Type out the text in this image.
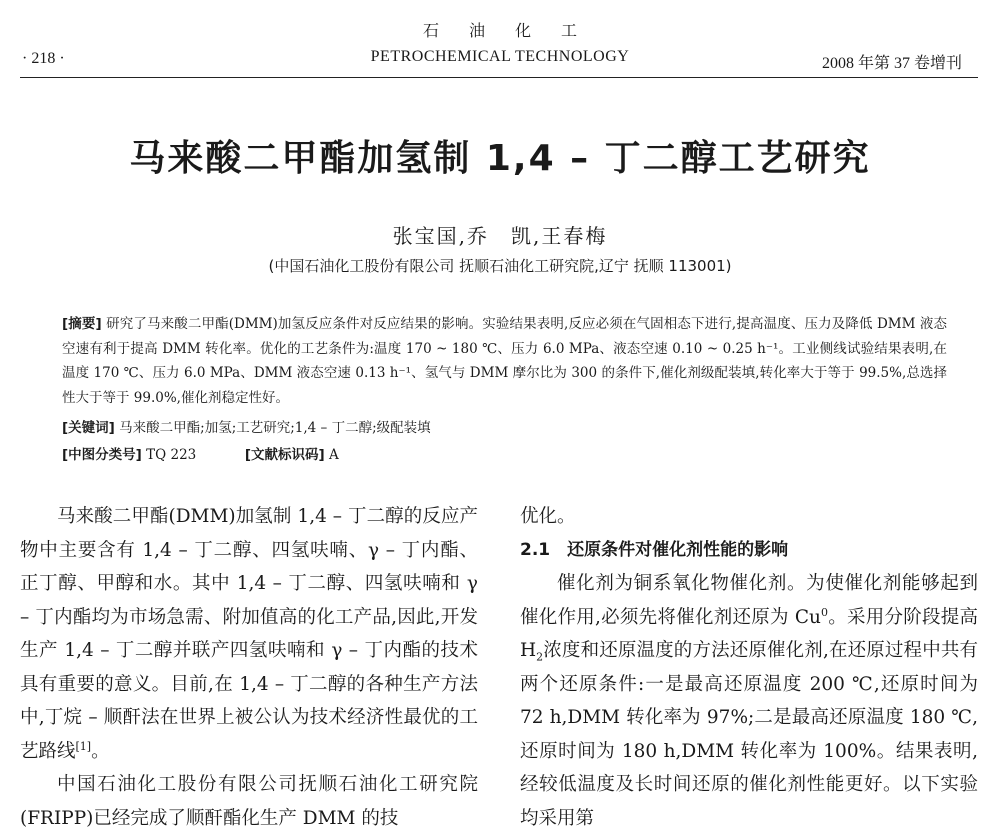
石油化工
PETROCHEMICAL TECHNOLOGY
· 218 ·	2008 年第 37 卷增刊
马来酸二甲酯加氢制 1,4 – 丁二醇工艺研究
张宝国,乔　凯,王春梅
(中国石油化工股份有限公司 抚顺石油化工研究院,辽宁 抚顺 113001)
[摘要] 研究了马来酸二甲酯(DMM)加氢反应条件对反应结果的影响。实验结果表明,反应必须在气固相态下进行,提高温度、压力及降低 DMM 液态空速有利于提高 DMM 转化率。优化的工艺条件为:温度 170 ~ 180 ℃、压力 6.0 MPa、液态空速 0.10 ~ 0.25 h⁻¹。工业侧线试验结果表明,在温度 170 ℃、压力 6.0 MPa、DMM 液态空速 0.13 h⁻¹、氢气与 DMM 摩尔比为 300 的条件下,催化剂级配装填,转化率大于等于 99.5%,总选择性大于等于 99.0%,催化剂稳定性好。
[关键词] 马来酸二甲酯;加氢;工艺研究;1,4 – 丁二醇;级配装填
[中图分类号] TQ 223	[文献标识码] A

马来酸二甲酯(DMM)加氢制 1,4 – 丁二醇的反应产物中主要含有 1,4 – 丁二醇、四氢呋喃、γ – 丁内酯、正丁醇、甲醇和水。其中 1,4 – 丁二醇、四氢呋喃和 γ – 丁内酯均为市场急需、附加值高的化工产品,因此,开发生产 1,4 – 丁二醇并联产四氢呋喃和 γ – 丁内酯的技术具有重要的意义。目前,在 1,4 – 丁二醇的各种生产方法中,丁烷 – 顺酐法在世界上被公认为技术经济性最优的工艺路线[1]。

中国石油化工股份有限公司抚顺石油化工研究院(FRIPP)已经完成了顺酐酯化生产 DMM 的技

优化。

2.1　还原条件对催化剂性能的影响

催化剂为铜系氧化物催化剂。为使催化剂能够起到催化作用,必须先将催化剂还原为 Cu$^0$。采用分阶段提高 $H_2$浓度和还原温度的方法还原催化剂,在还原过程中共有两个还原条件:一是最高还原温度 200 ℃,还原时间为 72 h,DMM 转化率为 97%;二是最高还原温度 180 ℃,还原时间为 180 h,DMM 转化率为 100%。结果表明,经较低温度及长时间还原的催化剂性能更好。以下实验均采用第
